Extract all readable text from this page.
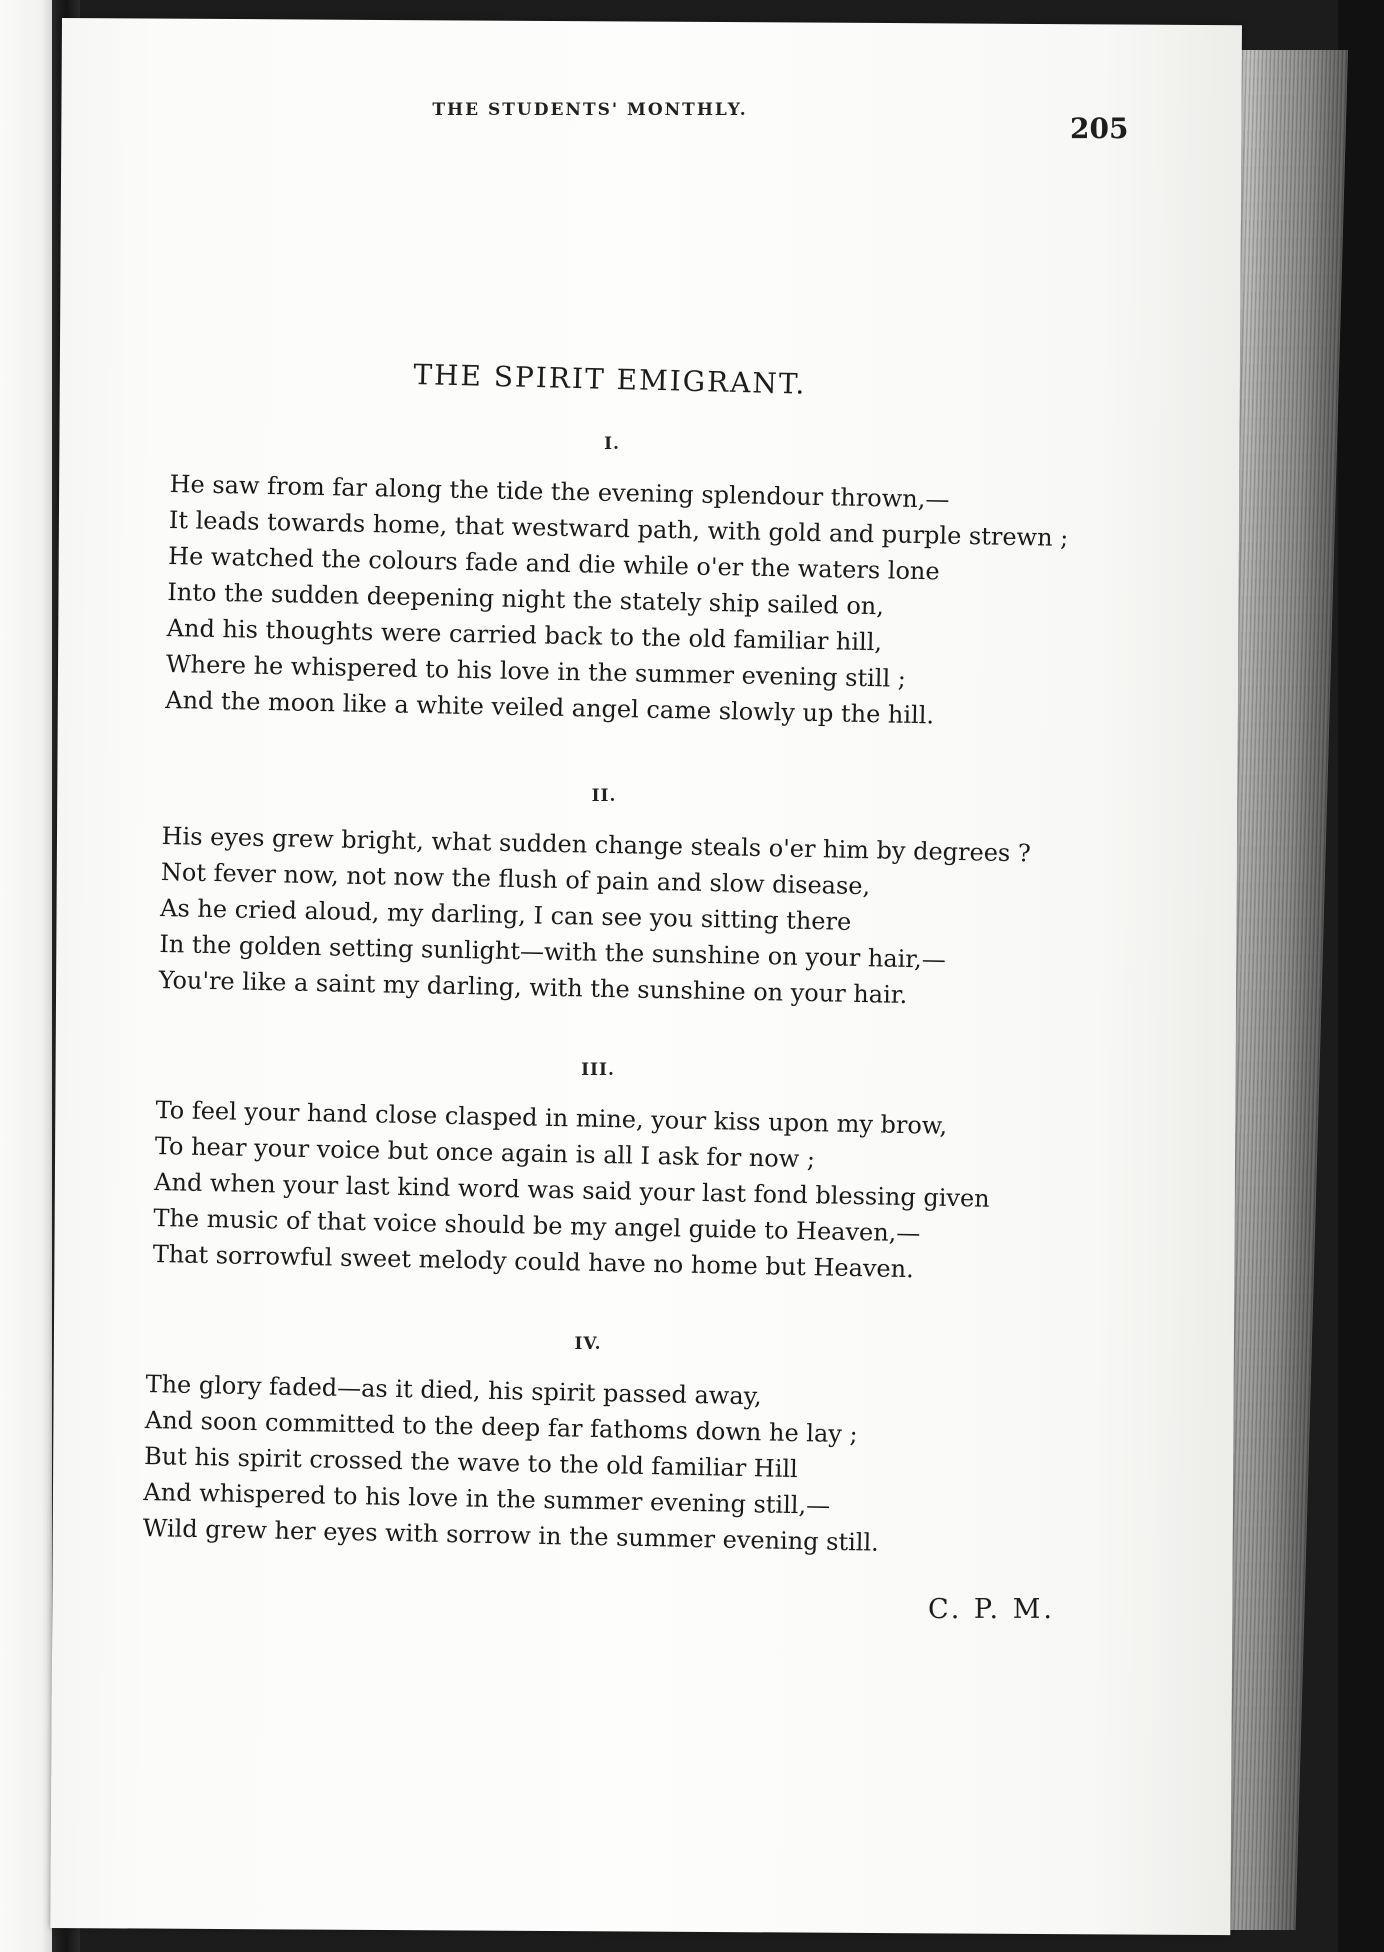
THE STUDENTS' MONTHLY.
205
THE SPIRIT EMIGRANT.
I.
He saw from far along the tide the evening splendour thrown,—
It leads towards home, that westward path, with gold and purple strewn ;
He watched the colours fade and die while o'er the waters lone
Into the sudden deepening night the stately ship sailed on,
And his thoughts were carried back to the old familiar hill,
Where he whispered to his love in the summer evening still ;
And the moon like a white veiled angel came slowly up the hill.
II.
His eyes grew bright, what sudden change steals o'er him by degrees ?
Not fever now, not now the flush of pain and slow disease,
As he cried aloud, my darling, I can see you sitting there
In the golden setting sunlight—with the sunshine on your hair,—
You're like a saint my darling, with the sunshine on your hair.
III.
To feel your hand close clasped in mine, your kiss upon my brow,
To hear your voice but once again is all I ask for now ;
And when your last kind word was said your last fond blessing given
The music of that voice should be my angel guide to Heaven,—
That sorrowful sweet melody could have no home but Heaven.
IV.
The glory faded—as it died, his spirit passed away,
And soon committed to the deep far fathoms down he lay ;
But his spirit crossed the wave to the old familiar Hill
And whispered to his love in the summer evening still,—
Wild grew her eyes with sorrow in the summer evening still.
C. P. M.
